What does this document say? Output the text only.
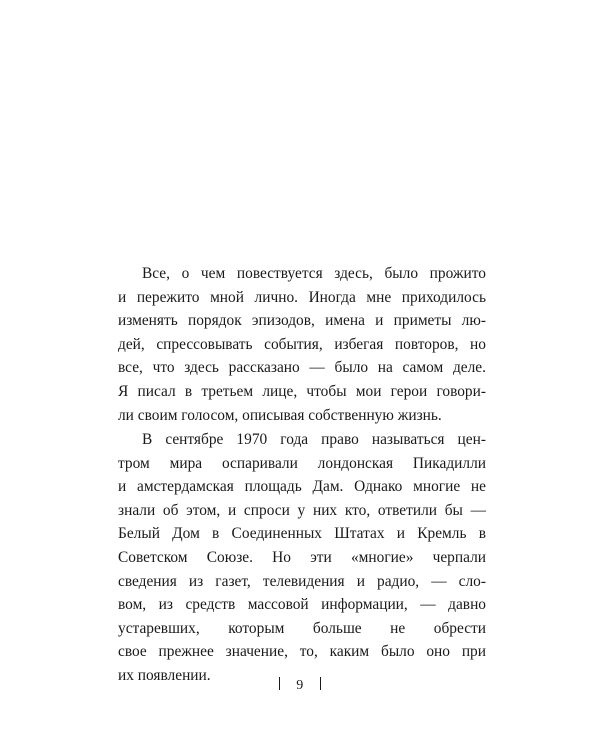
Все, о чем повествуется здесь, было прожито
и пережито мной лично. Иногда мне приходилось
изменять порядок эпизодов, имена и приметы лю-
дей, спрессовывать события, избегая повторов, но
все, что здесь рассказано — было на самом деле.
Я писал в третьем лице, чтобы мои герои говори-
ли своим голосом, описывая собственную жизнь.
В сентябре 1970 года право называться цен-
тром мира оспаривали лондонская Пикадилли
и амстердамская площадь Дам. Однако многие не
знали об этом, и спроси у них кто, ответили бы —
Белый Дом в Соединенных Штатах и Кремль в
Советском Союзе. Но эти «многие» черпали
сведения из газет, телевидения и радио, — сло-
вом, из средств массовой информации, — давно
устаревших, которым больше не обрести
свое прежнее значение, то, каким было оно при
их появлении.
9
